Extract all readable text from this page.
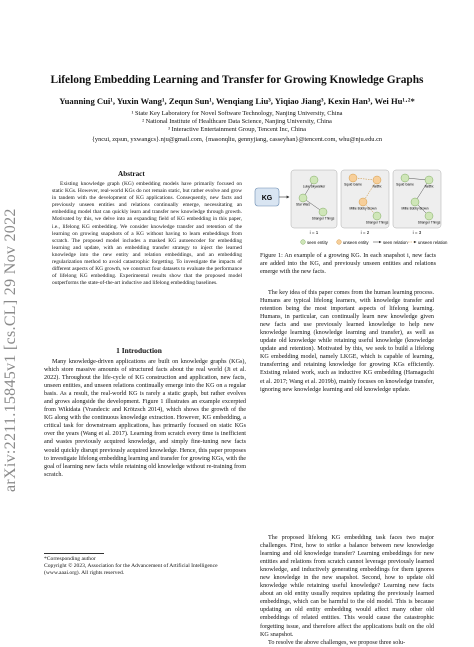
arXiv:2211.15845v1 [cs.CL] 29 Nov 2022
Lifelong Embedding Learning and Transfer for Growing Knowledge Graphs
Yuanning Cui¹, Yuxin Wang¹, Zequn Sun¹, Wenqiang Liu³, Yiqiao Jiang³, Kexin Han³, Wei Hu¹·²*
¹ State Key Laboratory for Novel Software Technology, Nanjing University, China
² National Institute of Healthcare Data Science, Nanjing University, China
³ Interactive Entertainment Group, Tencent Inc, China
{yncui, zqsun, yxwangcs}.nju@gmail.com, {masonqliu, gennyjiang, casseyhan}@tencent.com, whu@nju.edu.cn
Abstract
Existing knowledge graph (KG) embedding models have primarily focused on static KGs. However, real-world KGs do not remain static, but rather evolve and grow in tandem with the development of KG applications. Consequently, new facts and previously unseen entities and relations continually emerge, necessitating an embedding model that can quickly learn and transfer new knowledge through growth. Motivated by this, we delve into an expanding field of KG embedding in this paper, i.e., lifelong KG embedding. We consider knowledge transfer and retention of the learning on growing snapshots of a KG without having to learn embeddings from scratch. The proposed model includes a masked KG autoencoder for embedding learning and update, with an embedding transfer strategy to inject the learned knowledge into the new entity and relation embeddings, and an embedding regularization method to avoid catastrophic forgetting. To investigate the impacts of different aspects of KG growth, we construct four datasets to evaluate the performance of lifelong KG embedding. Experimental results show that the proposed model outperforms the state-of-the-art inductive and lifelong embedding baselines.
1 Introduction
Many knowledge-driven applications are built on knowledge graphs (KGs), which store massive amounts of structured facts about the real world (Ji et al. 2022). Throughout the life-cycle of KG construction and application, new facts, unseen entities, and unseen relations continually emerge into the KG on a regular basis. As a result, the real-world KG is rarely a static graph, but rather evolves and grows alongside the development. Figure 1 illustrates an example excerpted from Wikidata (Vrandecic and Krötzsch 2014), which shows the growth of the KG along with the continuous knowledge extraction. However, KG embedding, a critical task for downstream applications, has primarily focused on static KGs over the years (Wang et al. 2017). Learning from scratch every time is inefficient and wastes previously acquired knowledge, and simply fine-tuning new facts would quickly disrupt previously acquired knowledge. Hence, this paper proposes to investigate lifelong embedding learning and transfer for growing KGs, with the goal of learning new facts while retaining old knowledge without re-training from scratch.
*Corresponding author
Copyright © 2023, Association for the Advancement of Artificial Intelligence (www.aaai.org). All rights reserved.
KG
Luke Skywalker
Star Wars
Stranger Things
Squid Game	Netflix
Millie Bobby Brown
Stranger Things
Squid Game	Netflix
Millie Bobby Brown
Stranger Things
i = 1	i = 2	i = 3
seen entity	unseen entity	seen relation unseen relation
Figure 1: An example of a growing KG. In each snapshot i, new facts are added into the KG, and previously unseen entities and relations emerge with the new facts.
The key idea of this paper comes from the human learning process. Humans are typical lifelong learners, with knowledge transfer and retention being the most important aspects of lifelong learning. Humans, in particular, can continually learn new knowledge given new facts and use previously learned knowledge to help new knowledge learning (knowledge learning and transfer), as well as update old knowledge while retaining useful knowledge (knowledge update and retention). Motivated by this, we seek to build a lifelong KG embedding model, namely LKGE, which is capable of learning, transferring and retaining knowledge for growing KGs efficiently. Existing related work, such as inductive KG embedding (Hamaguchi et al. 2017; Wang et al. 2019b), mainly focuses on knowledge transfer, ignoring new knowledge learning and old knowledge update.
The proposed lifelong KG embedding task faces two major challenges. First, how to strike a balance between new knowledge learning and old knowledge transfer? Learning embeddings for new entities and relations from scratch cannot leverage previously learned knowledge, and inductively generating embeddings for them ignores new knowledge in the new snapshot. Second, how to update old knowledge while retaining useful knowledge? Learning new facts about an old entity usually requires updating the previously learned embeddings, which can be harmful to the old model. This is because updating an old entity embedding would affect many other old embeddings of related entities. This would cause the catastrophic forgetting issue, and therefore affect the applications built on the old KG snapshot.
To resolve the above challenges, we propose three solu-
